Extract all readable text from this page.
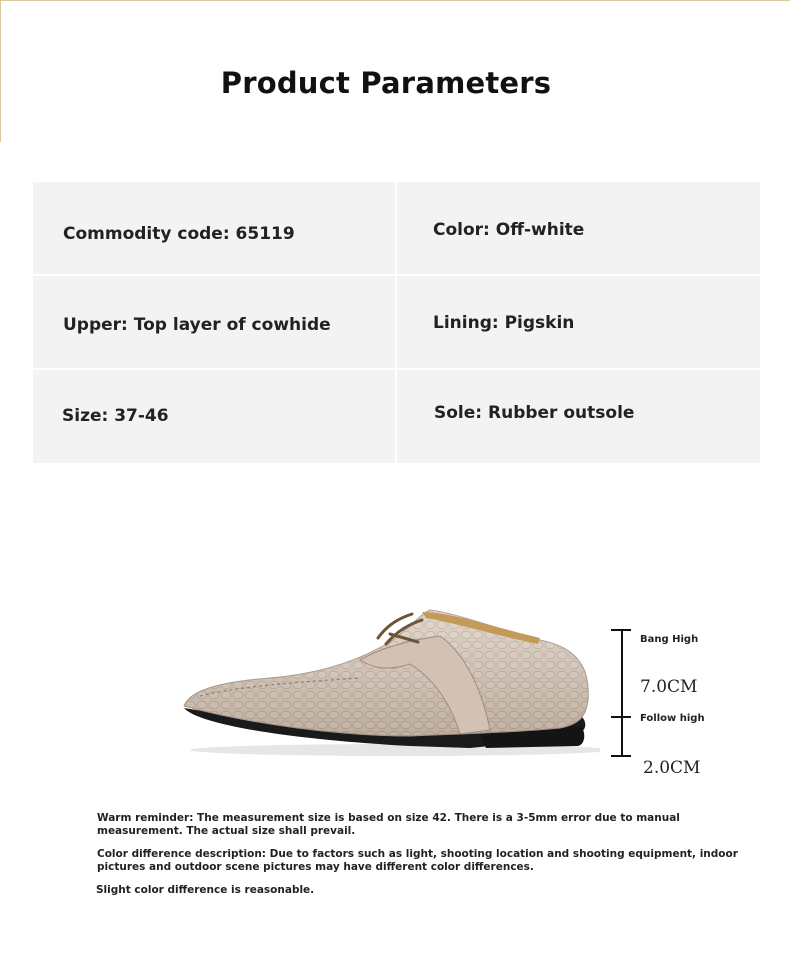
Product Parameters
Commodity code: 65119	Color: Off-white
Upper: Top layer of cowhide	Lining: Pigskin
Size: 37-46	Sole: Rubber outsole
Bang High
7.0CM
Follow high
2.0CM
Warm reminder: The measurement size is based on size 42. There is a 3-5mm error due to manual measurement. The actual size shall prevail.
Color difference description: Due to factors such as light, shooting location and shooting equipment, indoor pictures and outdoor scene pictures may have different color differences.
Slight color difference is reasonable.
